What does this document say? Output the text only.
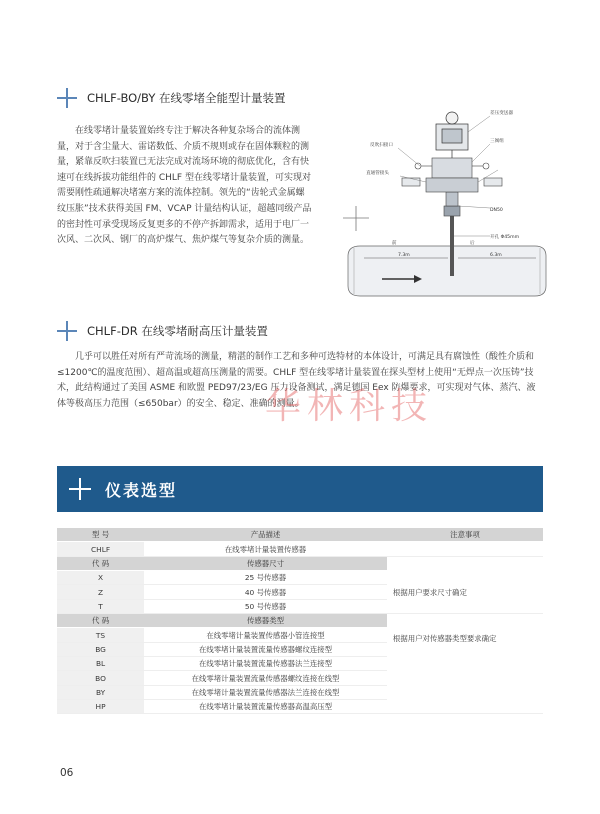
CHLF-BO/BY 在线零堵全能型计量装置

在线零堵计量装置始终专注于解决各种复杂场合的流体测量，对于含尘量大、雷诺数低、介质不规则或存在固体颗粒的测量，紧靠反吹扫装置已无法完成对流场环境的彻底优化，含有快速可在线拆拔功能组件的 CHLF 型在线零堵计量装置，可实现对需要刚性疏通解决堵塞方案的流体控制。领先的“齿轮式金属螺纹压胀”技术获得美国 FM、VCAP 计量结构认证，超越同级产品的密封性可承受现场反复更多的不停产拆卸需求，适用于电厂一次风、二次风、钢厂的高炉煤气、焦炉煤气等复杂介质的测量。

差压变送器
三阀组
反吹扫接口
直通管接头
DN50
开孔 Φ45mm
前	后
7.3m	6.3m
CHLF-DR 在线零堵耐高压计量装置

几乎可以胜任对所有严苛流场的测量，精湛的制作工艺和多种可选特材的本体设计，可满足具有腐蚀性（酸性介质和≤1200℃的温度范围）、超高温或超高压测量的需要。CHLF 型在线零堵计量装置在探头型材上使用“无焊点一次压铸”技术，此结构通过了美国 ASME 和欧盟 PED97/23/EG 压力设备测试，满足德国 Eex 防爆要求，可实现对气体、蒸汽、液体等极高压力范围（≤650bar）的安全、稳定、准确的测量。

华林科技
仪表选型
型 号	产品描述	注意事项
CHLF	在线零堵计量装置传感器	
代 码	传感器尺寸	
X	25 号传感器	根据用户要求尺寸确定
Z	40 号传感器	
T	50 号传感器	
代 码	传感器类型	
TS	在线零堵计量装置传感器小管连接型	根据用户对传感器类型要求确定
BG	在线零堵计量装置流量传感器螺纹连接型	
BL	在线零堵计量装置流量传感器法兰连接型	
BO	在线零堵计量装置流量传感器螺纹连接在线型	
BY	在线零堵计量装置流量传感器法兰连接在线型	
HP	在线零堵计量装置流量传感器高温高压型	
06
